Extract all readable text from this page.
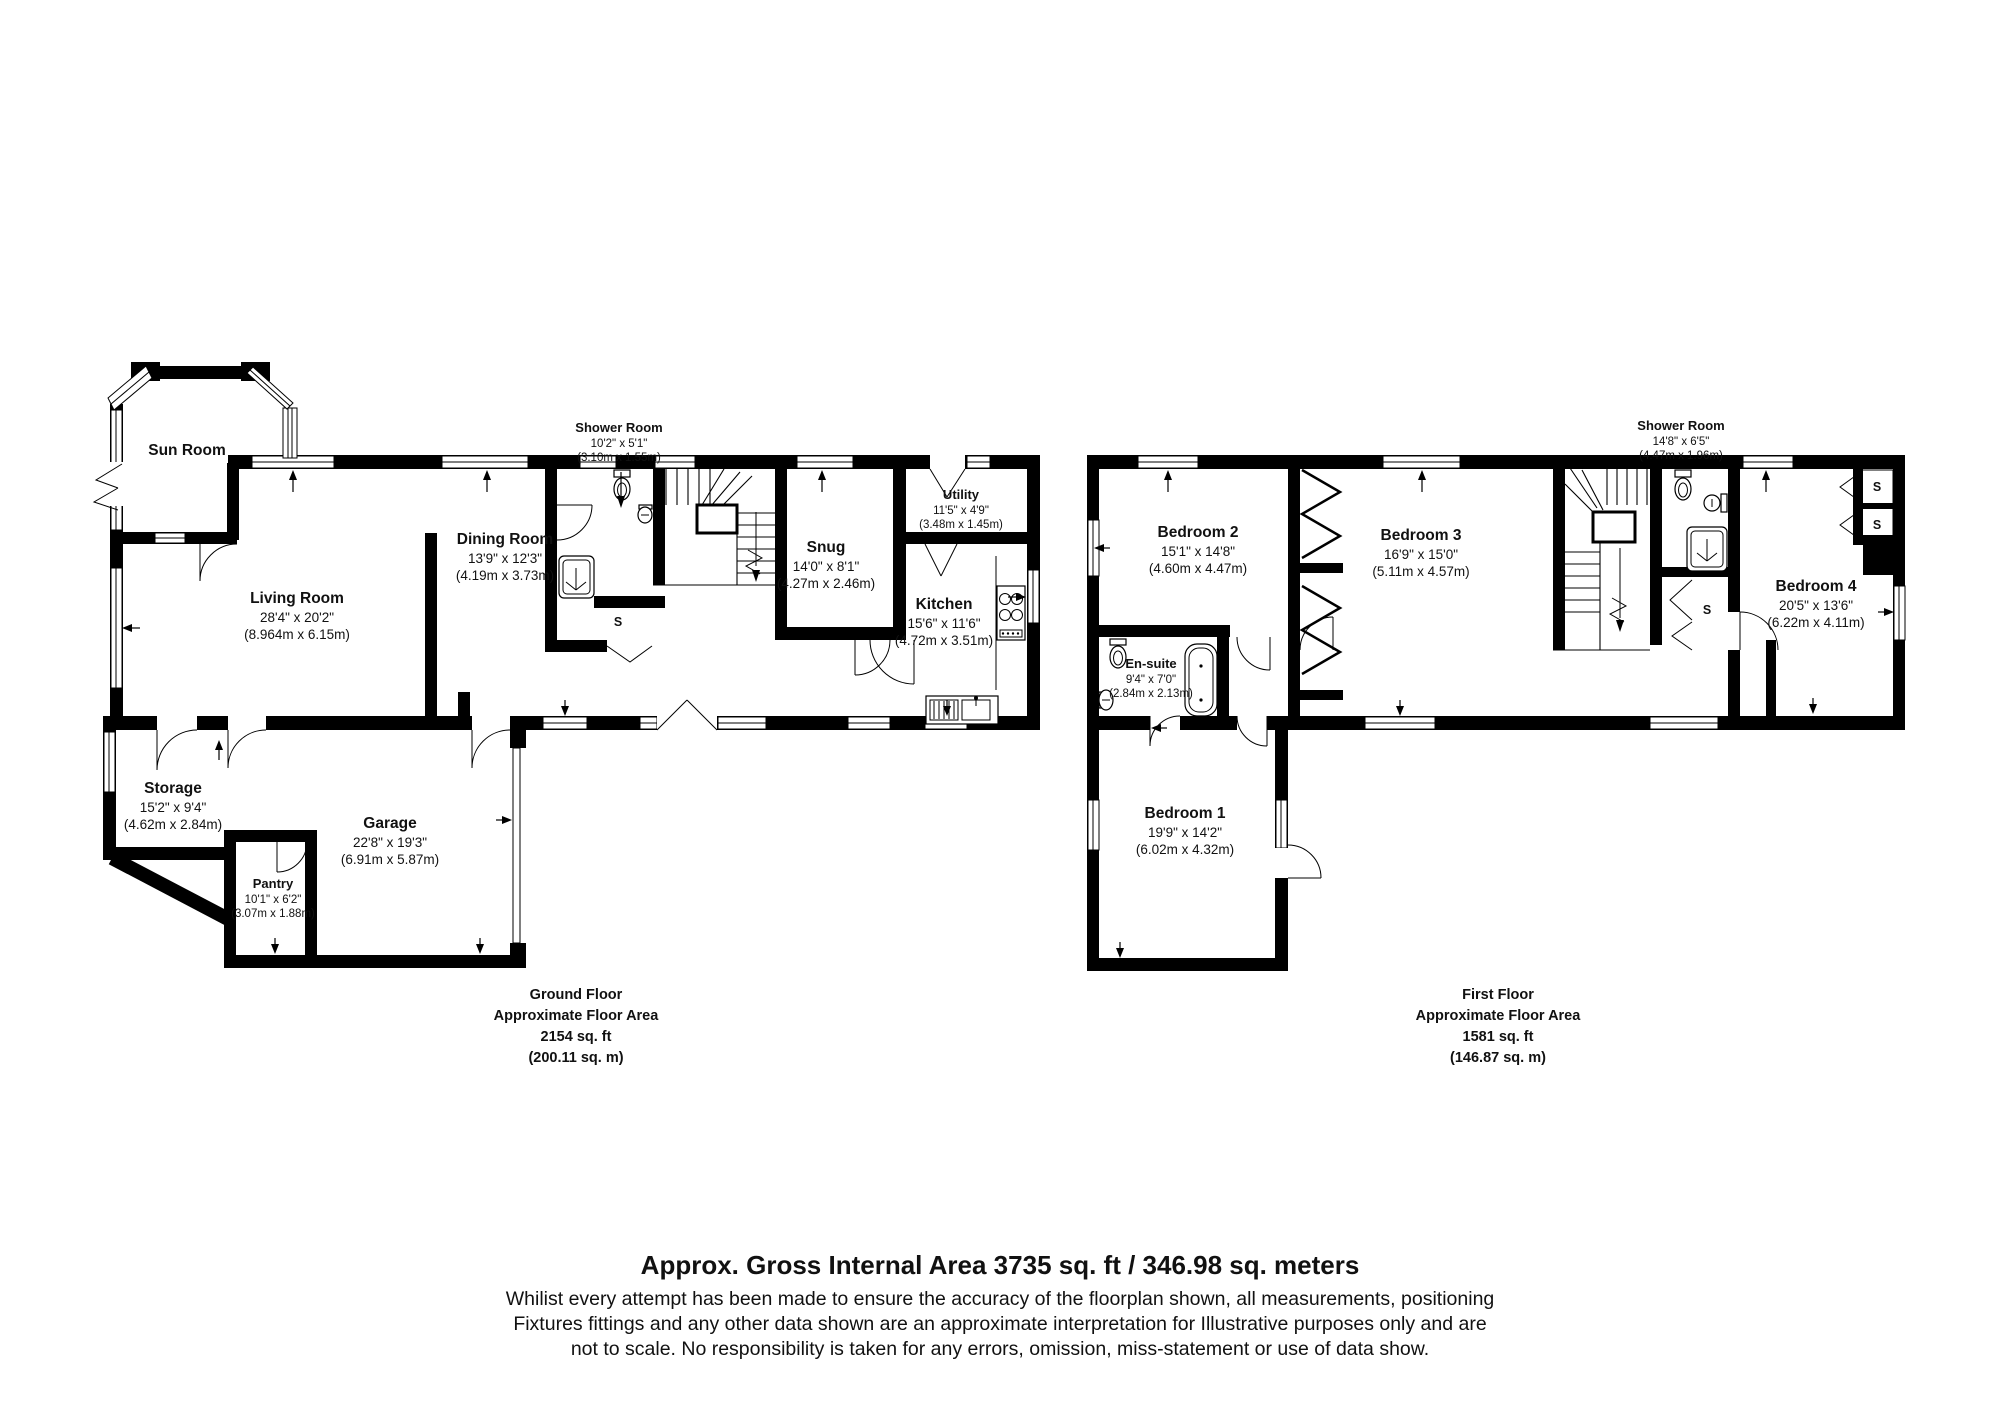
Sun Room
Shower Room
10'2" x 5'1"
(3.10m x 1.55m)
Dining Room
13'9" x 12'3"
(4.19m x 3.73m)
Living Room
28'4" x 20'2"
(8.964m x 6.15m)
Snug
14'0" x 8'1"
(4.27m x 2.46m)
Utility
11'5" x 4'9"
(3.48m x 1.45m)
Kitchen
15'6" x 11'6"
(4.72m x 3.51m)
Storage
15'2" x 9'4"
(4.62m x 2.84m)
Pantry
10'1" x 6'2"
(3.07m x 1.88m)
Garage
22'8" x 19'3"
(6.91m x 5.87m)
S
Ground Floor
Approximate Floor Area
2154 sq. ft
(200.11 sq. m)
Shower Room
14'8" x 6'5"
(4.47m x 1.96m)
Bedroom 2
15'1" x 14'8"
(4.60m x 4.47m)
Bedroom 3
16'9" x 15'0"
(5.11m x 4.57m)
En-suite
9'4" x 7'0"
(2.84m x 2.13m)
Bedroom 4
20'5" x 13'6"
(6.22m x 4.11m)
Bedroom 1
19'9" x 14'2"
(6.02m x 4.32m)
S
S
S
First Floor
Approximate Floor Area
1581 sq. ft
(146.87 sq. m)
Approx. Gross Internal Area 3735 sq. ft / 346.98 sq. meters
Whilist every attempt has been made to ensure the accuracy of the floorplan shown, all measurements, positioning
Fixtures fittings and any other data shown are an approximate interpretation for Illustrative purposes only and are
not to scale. No responsibility is taken for any errors, omission, miss-statement or use of data show.
